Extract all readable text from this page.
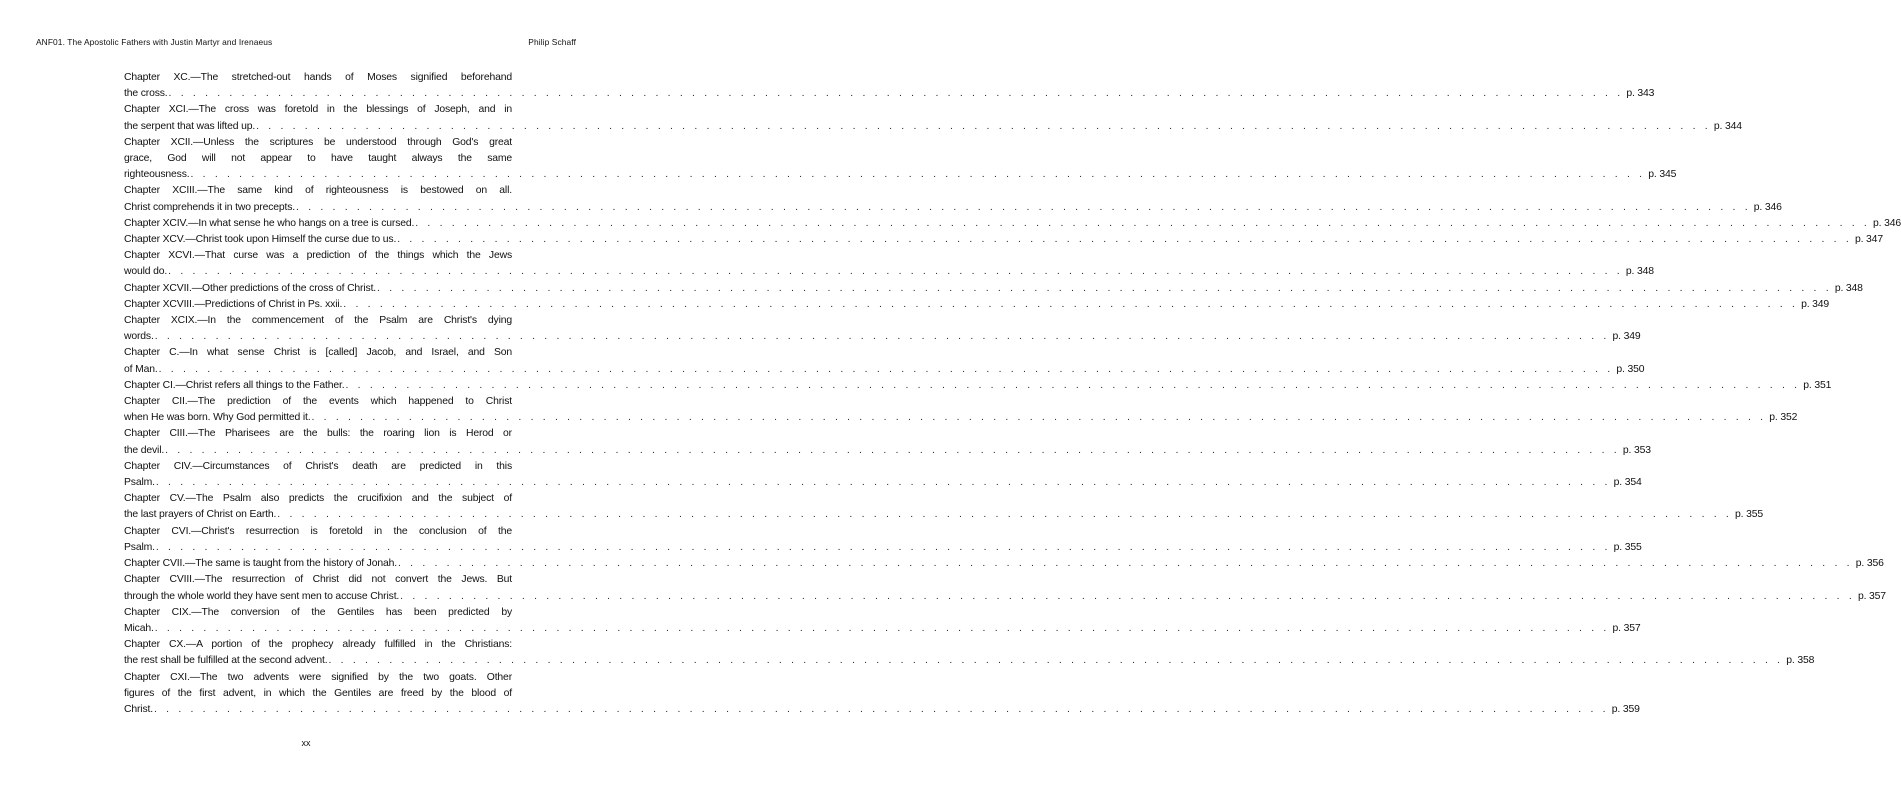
ANF01. The Apostolic Fathers with Justin Martyr and Irenaeus	Philip Schaff
Chapter XC.—The stretched-out hands of Moses signified beforehand
the cross. . . . . . . . . . . . . . . . . . . . . . . . . . . . . . . . . . . . . . . . . . . . . . . . . . . . . . . . . . . . . . . . . . . . . . . . . . . . . . . . . . . . . . . . . . . . . . . . . . . . . . . . . . . . . . . . . . . . . . . . . p. 343
Chapter XCI.—The cross was foretold in the blessings of Joseph, and in
the serpent that was lifted up. . . . . . . . . . . . . . . . . . . . . . . . . . . . . . . . . . . . . . . . . . . . . . . . . . . . . . . . . . . . . . . . . . . . . . . . . . . . . . . . . . . . . . . . . . . . . . . . . . . . . . . . . . . . . . . . . . . . . . . . . p. 344
Chapter XCII.—Unless the scriptures be understood through God's great
grace, God will not appear to have taught always the same
righteousness. . . . . . . . . . . . . . . . . . . . . . . . . . . . . . . . . . . . . . . . . . . . . . . . . . . . . . . . . . . . . . . . . . . . . . . . . . . . . . . . . . . . . . . . . . . . . . . . . . . . . . . . . . . . . . . . . . . . . . . . . p. 345
Chapter XCIII.—The same kind of righteousness is bestowed on all.
Christ comprehends it in two precepts. . . . . . . . . . . . . . . . . . . . . . . . . . . . . . . . . . . . . . . . . . . . . . . . . . . . . . . . . . . . . . . . . . . . . . . . . . . . . . . . . . . . . . . . . . . . . . . . . . . . . . . . . . . . . . . . . . . . . . . . . p. 346
Chapter XCIV.—In what sense he who hangs on a tree is cursed. . . . . . . . . . . . . . . . . . . . . . . . . . . . . . . . . . . . . . . . . . . . . . . . . . . . . . . . . . . . . . . . . . . . . . . . . . . . . . . . . . . . . . . . . . . . . . . . . . . . . . . . . . . . . . . . . . . . . . . . . p. 346
Chapter XCV.—Christ took upon Himself the curse due to us. . . . . . . . . . . . . . . . . . . . . . . . . . . . . . . . . . . . . . . . . . . . . . . . . . . . . . . . . . . . . . . . . . . . . . . . . . . . . . . . . . . . . . . . . . . . . . . . . . . . . . . . . . . . . . . . . . . . . . . . . p. 347
Chapter XCVI.—That curse was a prediction of the things which the Jews
would do. . . . . . . . . . . . . . . . . . . . . . . . . . . . . . . . . . . . . . . . . . . . . . . . . . . . . . . . . . . . . . . . . . . . . . . . . . . . . . . . . . . . . . . . . . . . . . . . . . . . . . . . . . . . . . . . . . . . . . . . . p. 348
Chapter XCVII.—Other predictions of the cross of Christ. . . . . . . . . . . . . . . . . . . . . . . . . . . . . . . . . . . . . . . . . . . . . . . . . . . . . . . . . . . . . . . . . . . . . . . . . . . . . . . . . . . . . . . . . . . . . . . . . . . . . . . . . . . . . . . . . . . . . . . . . p. 348
Chapter XCVIII.—Predictions of Christ in Ps. xxii. . . . . . . . . . . . . . . . . . . . . . . . . . . . . . . . . . . . . . . . . . . . . . . . . . . . . . . . . . . . . . . . . . . . . . . . . . . . . . . . . . . . . . . . . . . . . . . . . . . . . . . . . . . . . . . . . . . . . . . . . p. 349
Chapter XCIX.—In the commencement of the Psalm are Christ's dying
words. . . . . . . . . . . . . . . . . . . . . . . . . . . . . . . . . . . . . . . . . . . . . . . . . . . . . . . . . . . . . . . . . . . . . . . . . . . . . . . . . . . . . . . . . . . . . . . . . . . . . . . . . . . . . . . . . . . . . . . . . p. 349
Chapter C.—In what sense Christ is [called] Jacob, and Israel, and Son
of Man. . . . . . . . . . . . . . . . . . . . . . . . . . . . . . . . . . . . . . . . . . . . . . . . . . . . . . . . . . . . . . . . . . . . . . . . . . . . . . . . . . . . . . . . . . . . . . . . . . . . . . . . . . . . . . . . . . . . . . . . . p. 350
Chapter CI.—Christ refers all things to the Father. . . . . . . . . . . . . . . . . . . . . . . . . . . . . . . . . . . . . . . . . . . . . . . . . . . . . . . . . . . . . . . . . . . . . . . . . . . . . . . . . . . . . . . . . . . . . . . . . . . . . . . . . . . . . . . . . . . . . . . . . p. 351
Chapter CII.—The prediction of the events which happened to Christ
when He was born. Why God permitted it. . . . . . . . . . . . . . . . . . . . . . . . . . . . . . . . . . . . . . . . . . . . . . . . . . . . . . . . . . . . . . . . . . . . . . . . . . . . . . . . . . . . . . . . . . . . . . . . . . . . . . . . . . . . . . . . . . . . . . . . . p. 352
Chapter CIII.—The Pharisees are the bulls: the roaring lion is Herod or
the devil. . . . . . . . . . . . . . . . . . . . . . . . . . . . . . . . . . . . . . . . . . . . . . . . . . . . . . . . . . . . . . . . . . . . . . . . . . . . . . . . . . . . . . . . . . . . . . . . . . . . . . . . . . . . . . . . . . . . . . . . . p. 353
Chapter CIV.—Circumstances of Christ's death are predicted in this
Psalm. . . . . . . . . . . . . . . . . . . . . . . . . . . . . . . . . . . . . . . . . . . . . . . . . . . . . . . . . . . . . . . . . . . . . . . . . . . . . . . . . . . . . . . . . . . . . . . . . . . . . . . . . . . . . . . . . . . . . . . . . p. 354
Chapter CV.—The Psalm also predicts the crucifixion and the subject of
the last prayers of Christ on Earth. . . . . . . . . . . . . . . . . . . . . . . . . . . . . . . . . . . . . . . . . . . . . . . . . . . . . . . . . . . . . . . . . . . . . . . . . . . . . . . . . . . . . . . . . . . . . . . . . . . . . . . . . . . . . . . . . . . . . . . . . p. 355
Chapter CVI.—Christ's resurrection is foretold in the conclusion of the
Psalm. . . . . . . . . . . . . . . . . . . . . . . . . . . . . . . . . . . . . . . . . . . . . . . . . . . . . . . . . . . . . . . . . . . . . . . . . . . . . . . . . . . . . . . . . . . . . . . . . . . . . . . . . . . . . . . . . . . . . . . . . p. 355
Chapter CVII.—The same is taught from the history of Jonah. . . . . . . . . . . . . . . . . . . . . . . . . . . . . . . . . . . . . . . . . . . . . . . . . . . . . . . . . . . . . . . . . . . . . . . . . . . . . . . . . . . . . . . . . . . . . . . . . . . . . . . . . . . . . . . . . . . . . . . . . p. 356
Chapter CVIII.—The resurrection of Christ did not convert the Jews. But
through the whole world they have sent men to accuse Christ. . . . . . . . . . . . . . . . . . . . . . . . . . . . . . . . . . . . . . . . . . . . . . . . . . . . . . . . . . . . . . . . . . . . . . . . . . . . . . . . . . . . . . . . . . . . . . . . . . . . . . . . . . . . . . . . . . . . . . . . . p. 357
Chapter CIX.—The conversion of the Gentiles has been predicted by
Micah. . . . . . . . . . . . . . . . . . . . . . . . . . . . . . . . . . . . . . . . . . . . . . . . . . . . . . . . . . . . . . . . . . . . . . . . . . . . . . . . . . . . . . . . . . . . . . . . . . . . . . . . . . . . . . . . . . . . . . . . . p. 357
Chapter CX.—A portion of the prophecy already fulfilled in the Christians:
the rest shall be fulfilled at the second advent. . . . . . . . . . . . . . . . . . . . . . . . . . . . . . . . . . . . . . . . . . . . . . . . . . . . . . . . . . . . . . . . . . . . . . . . . . . . . . . . . . . . . . . . . . . . . . . . . . . . . . . . . . . . . . . . . . . . . . . . . p. 358
Chapter CXI.—The two advents were signified by the two goats. Other
figures of the first advent, in which the Gentiles are freed by the blood of
Christ. . . . . . . . . . . . . . . . . . . . . . . . . . . . . . . . . . . . . . . . . . . . . . . . . . . . . . . . . . . . . . . . . . . . . . . . . . . . . . . . . . . . . . . . . . . . . . . . . . . . . . . . . . . . . . . . . . . . . . . . . p. 359
xx
